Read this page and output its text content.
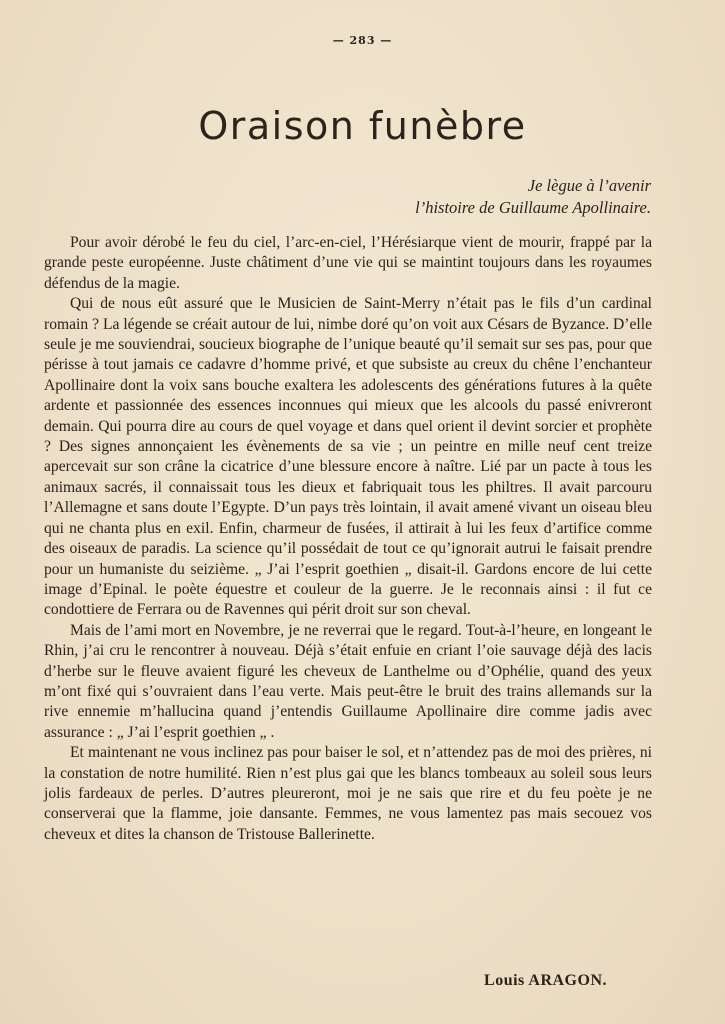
— 283 —
Oraison funèbre
Je lègue à l’avenir
l’histoire de Guillaume Apollinaire.

Pour avoir dérobé le feu du ciel, l’arc-en-ciel, l’Hérésiarque vient de mourir, frappé par la grande peste européenne. Juste châtiment d’une vie qui se maintint toujours dans les royaumes défendus de la magie.

Qui de nous eût assuré que le Musicien de Saint-Merry n’était pas le fils d’un cardinal romain ? La légende se créait autour de lui, nimbe doré qu’on voit aux Césars de Byzance. D’elle seule je me souviendrai, soucieux biographe de l’unique beauté qu’il semait sur ses pas, pour que périsse à tout jamais ce cadavre d’homme privé, et que subsiste au creux du chêne l’enchanteur Apollinaire dont la voix sans bouche exaltera les adolescents des générations futures à la quête ardente et passionnée des essences inconnues qui mieux que les alcools du passé enivreront demain. Qui pourra dire au cours de quel voyage et dans quel orient il devint sorcier et prophète ? Des signes annonçaient les évènements de sa vie ; un peintre en mille neuf cent treize apercevait sur son crâne la cicatrice d’une blessure encore à naître. Lié par un pacte à tous les animaux sacrés, il connaissait tous les dieux et fabriquait tous les philtres. Il avait parcouru l’Allemagne et sans doute l’Egypte. D’un pays très lointain, il avait amené vivant un oiseau bleu qui ne chanta plus en exil. Enfin, charmeur de fusées, il attirait à lui les feux d’artifice comme des oiseaux de paradis. La science qu’il possédait de tout ce qu’ignorait autrui le faisait prendre pour un humaniste du seizième. „ J’ai l’esprit goethien „ disait-il. Gardons encore de lui cette image d’Epinal. le poète équestre et couleur de la guerre. Je le reconnais ainsi : il fut ce condottiere de Ferrara ou de Ravennes qui périt droit sur son cheval.

Mais de l’ami mort en Novembre, je ne reverrai que le regard. Tout-à-l’heure, en longeant le Rhin, j’ai cru le rencontrer à nouveau. Déjà s’était enfuie en criant l’oie sauvage déjà des lacis d’herbe sur le fleuve avaient figuré les cheveux de Lanthelme ou d’Ophélie, quand des yeux m’ont fixé qui s’ouvraient dans l’eau verte. Mais peut-être le bruit des trains allemands sur la rive ennemie m’hallucina quand j’entendis Guillaume Apollinaire dire comme jadis avec assurance : „ J’ai l’esprit goethien „ .

Et maintenant ne vous inclinez pas pour baiser le sol, et n’attendez pas de moi des prières, ni la constation de notre humilité. Rien n’est plus gai que les blancs tombeaux au soleil sous leurs jolis fardeaux de perles. D’autres pleureront, moi je ne sais que rire et du feu poète je ne conserverai que la flamme, joie dansante. Femmes, ne vous lamentez pas mais secouez vos cheveux et dites la chanson de Tristouse Ballerinette.

Louis ARAGON.
